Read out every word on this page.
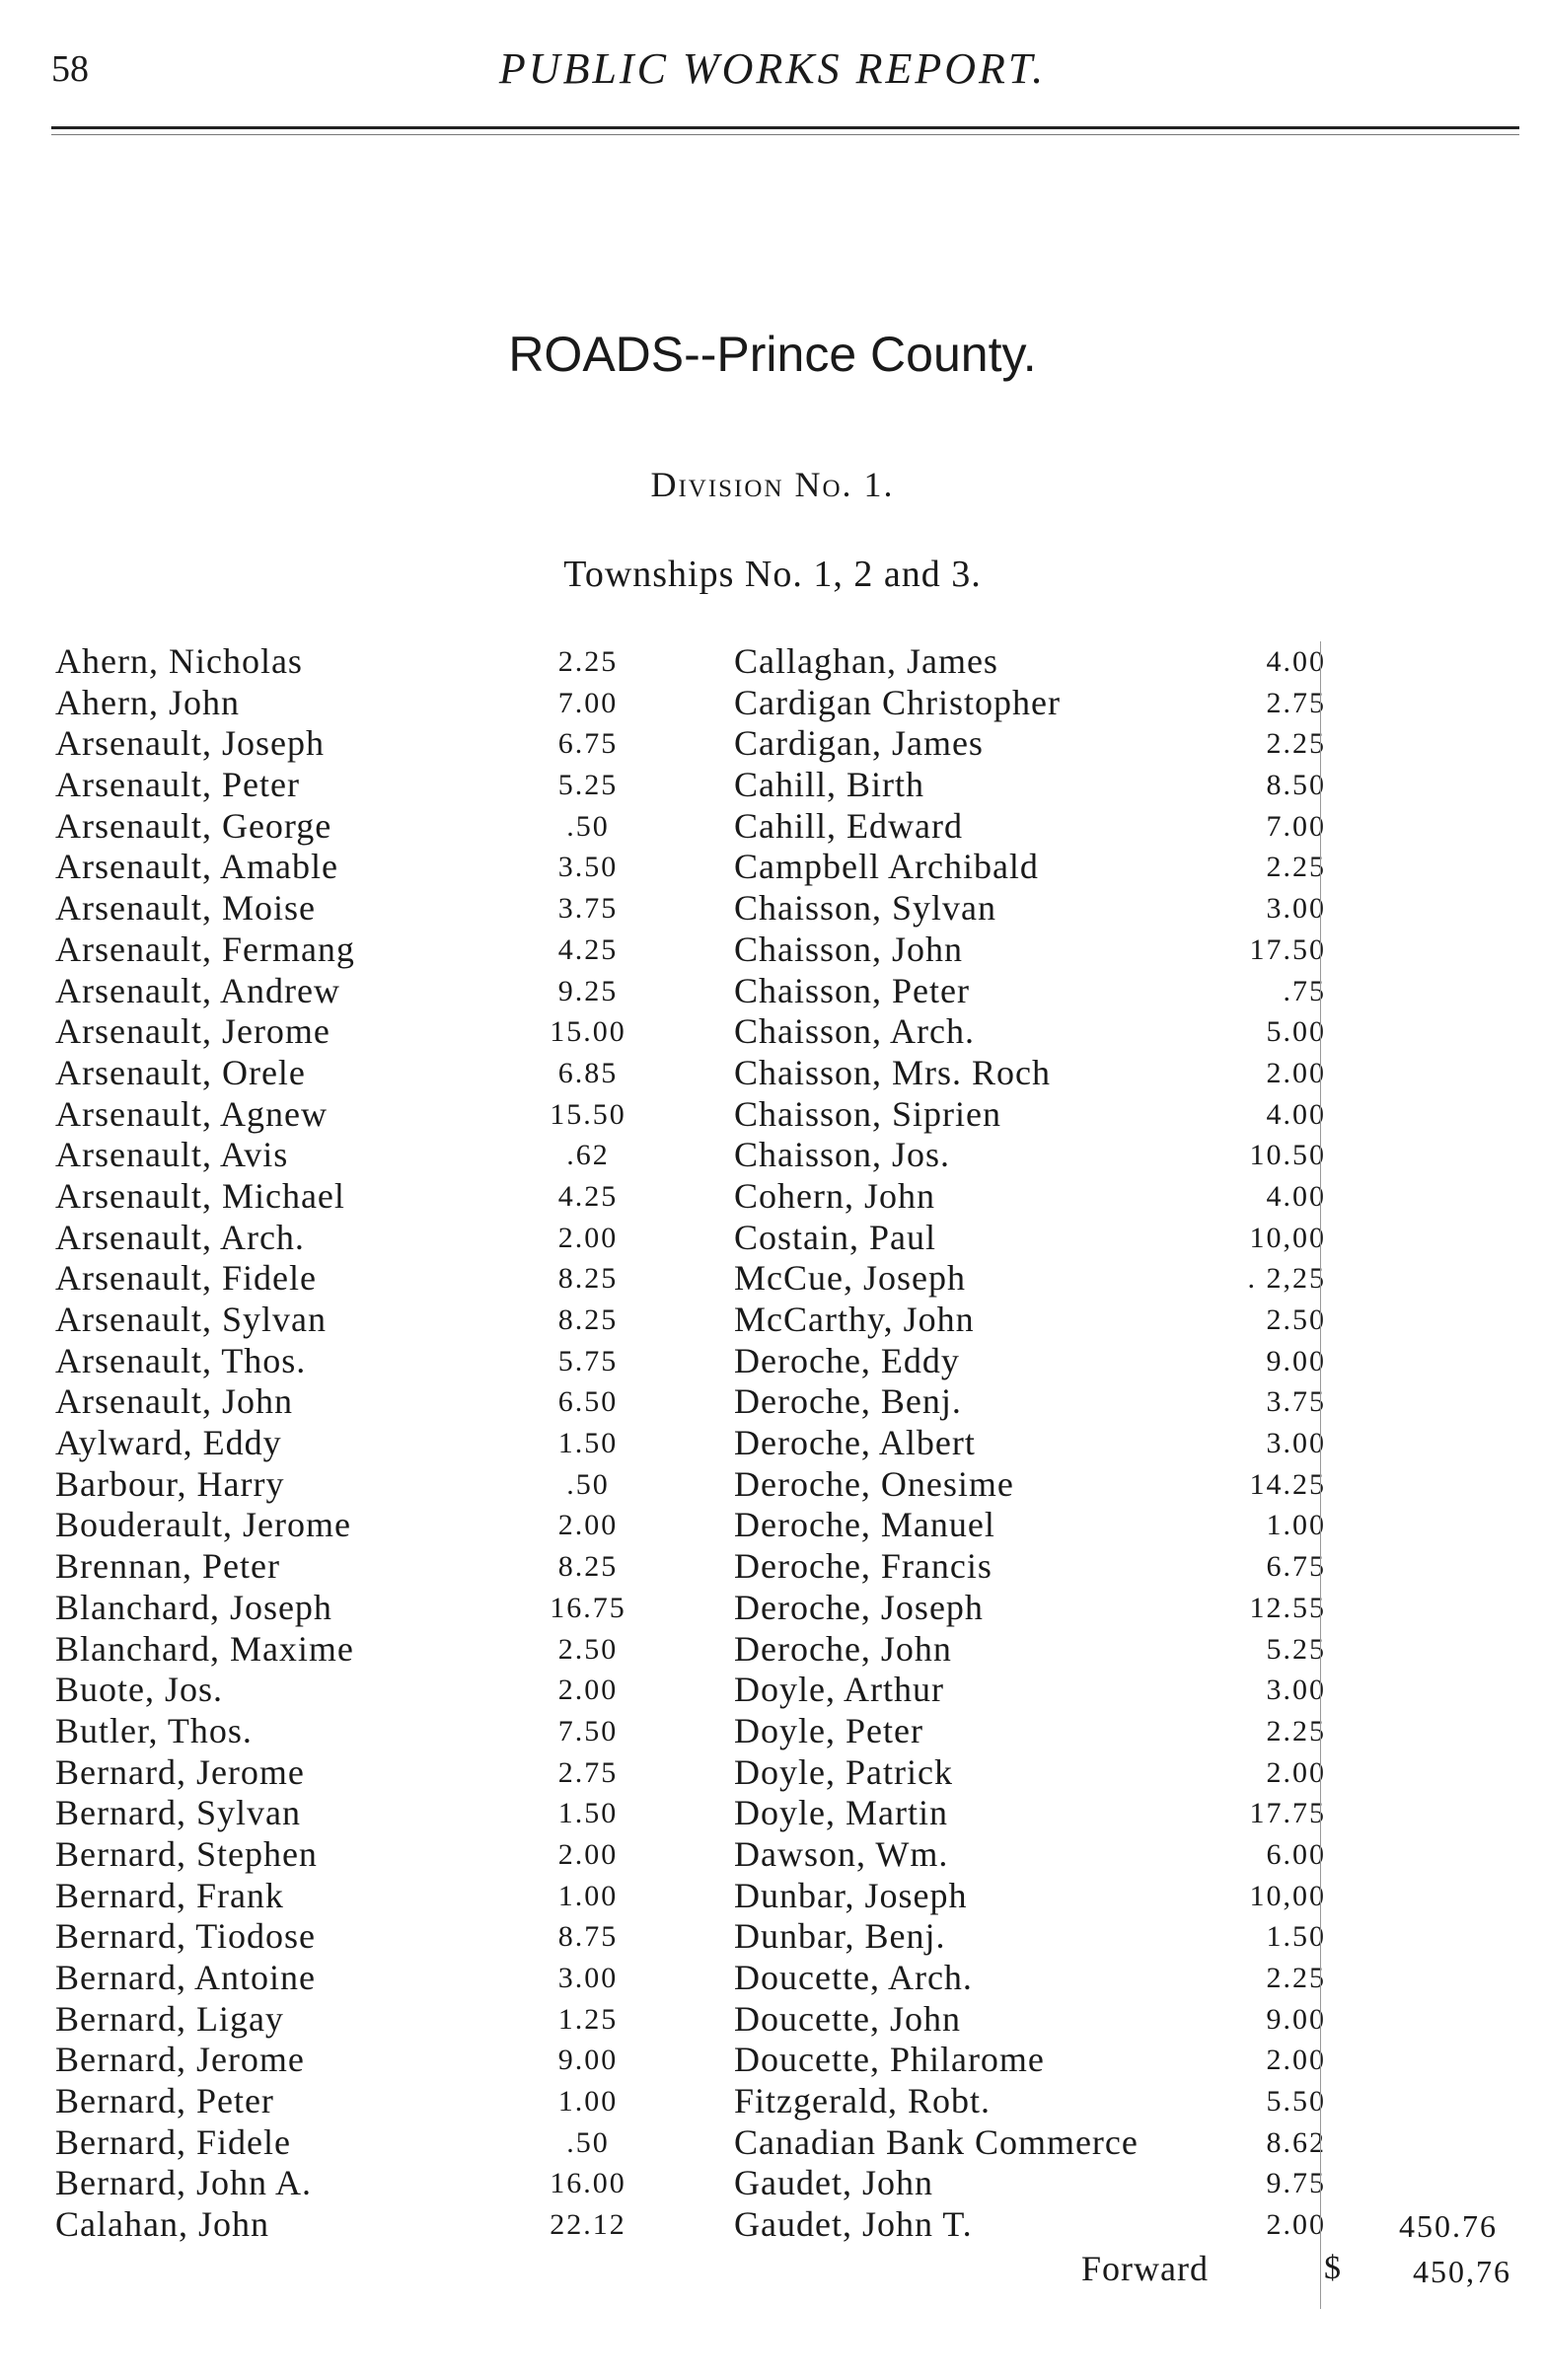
58	PUBLIC WORKS REPORT.
ROADS--Prince County.
Division No. 1.
Townships No. 1, 2 and 3.
Ahern, Nicholas	2.25
Ahern, John	7.00
Arsenault, Joseph	6.75
Arsenault, Peter	5.25
Arsenault, George	.50
Arsenault, Amable	3.50
Arsenault, Moise	3.75
Arsenault, Fermang	4.25
Arsenault, Andrew	9.25
Arsenault, Jerome	15.00
Arsenault, Orele	6.85
Arsenault, Agnew	15.50
Arsenault, Avis	.62
Arsenault, Michael	4.25
Arsenault, Arch.	2.00
Arsenault, Fidele	8.25
Arsenault, Sylvan	8.25
Arsenault, Thos.	5.75
Arsenault, John	6.50
Aylward, Eddy	1.50
Barbour, Harry	.50
Bouderault, Jerome	2.00
Brennan, Peter	8.25
Blanchard, Joseph	16.75
Blanchard, Maxime	2.50
Buote, Jos.	2.00
Butler, Thos.	7.50
Bernard, Jerome	2.75
Bernard, Sylvan	1.50
Bernard, Stephen	2.00
Bernard, Frank	1.00
Bernard, Tiodose	8.75
Bernard, Antoine	3.00
Bernard, Ligay	1.25
Bernard, Jerome	9.00
Bernard, Peter	1.00
Bernard, Fidele	.50
Bernard, John A.	16.00
Calahan, John	22.12
Callaghan, James	4.00
Cardigan Christopher	2.75
Cardigan, James	2.25
Cahill, Birth	8.50
Cahill, Edward	7.00
Campbell Archibald	2.25
Chaisson, Sylvan	3.00
Chaisson, John	17.50
Chaisson, Peter	.75
Chaisson, Arch.	5.00
Chaisson, Mrs. Roch	2.00
Chaisson, Siprien	4.00
Chaisson, Jos.	10.50
Cohern, John	4.00
Costain, Paul	10,00
McCue, Joseph	. 2,25
McCarthy, John	2.50
Deroche, Eddy	9.00
Deroche, Benj.	3.75
Deroche, Albert	3.00
Deroche, Onesime	14.25
Deroche, Manuel	1.00
Deroche, Francis	6.75
Deroche, Joseph	12.55
Deroche, John	5.25
Doyle, Arthur	3.00
Doyle, Peter	2.25
Doyle, Patrick	2.00
Doyle, Martin	17.75
Dawson, Wm.	6.00
Dunbar, Joseph	10,00
Dunbar, Benj.	1.50
Doucette, Arch.	2.25
Doucette, John	9.00
Doucette, Philarome	2.00
Fitzgerald, Robt.	5.50
Canadian Bank Commerce	8.62
Gaudet, John	9.75
Gaudet, John T.	2.00 450.76
Forward	$ 450,76
